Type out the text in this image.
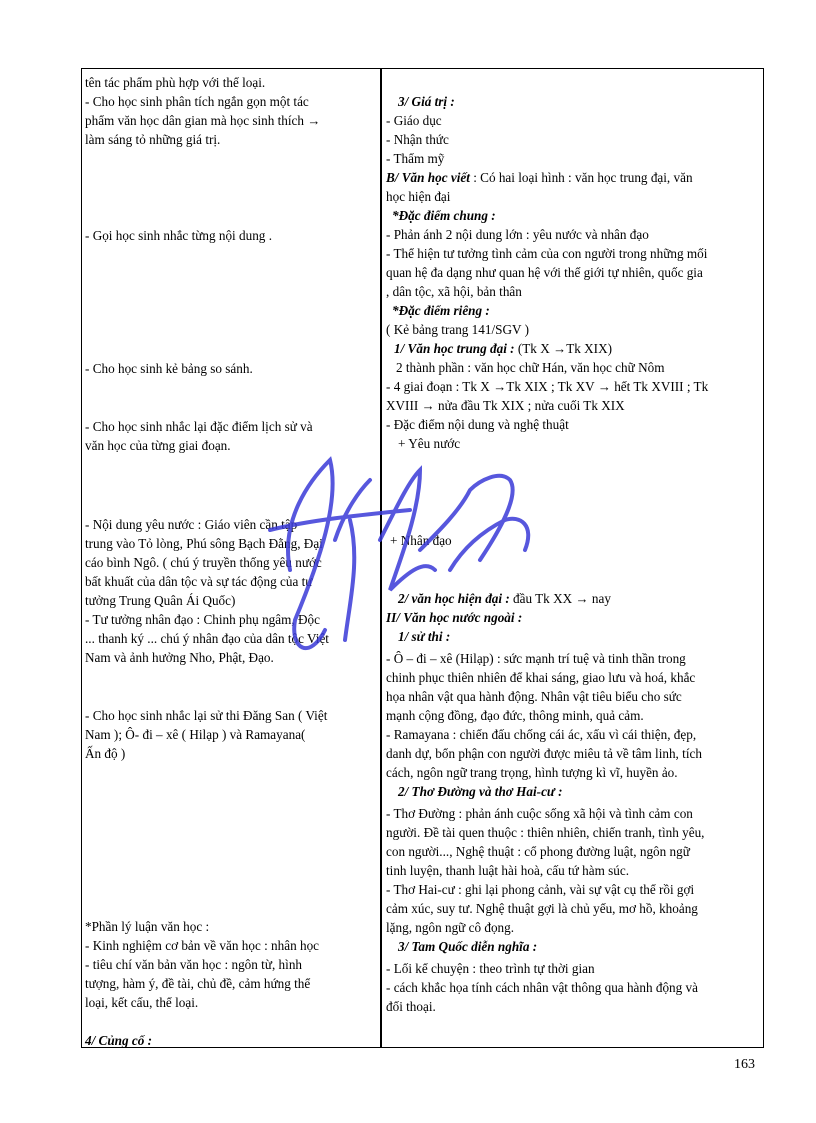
tên tác phẩm phù hợp với thể loại.
- Cho học sinh phân tích ngắn gọn một tác
phẩm văn học dân gian mà học sinh thích →
làm sáng tỏ những giá trị.
- Gọi học sinh nhắc từng nội dung .
- Cho học sinh kẻ bảng so sánh.
- Cho học sinh nhắc lại đặc điểm lịch sử và
văn học của từng giai đoạn.
- Nội dung yêu nước : Giáo viên cần tập
trung vào Tỏ lòng, Phú sông Bạch Đằng, Đại
cáo bình Ngô. ( chú ý truyền thống yêu nước
bất khuất của dân tộc và sự tác động của tư
tưởng Trung Quân Ái Quốc)
- Tư tưởng nhân đạo : Chinh phụ ngâm, Độc
... thanh ký ... chú ý nhân đạo của dân tộc Việt
Nam và ảnh hưởng Nho, Phật, Đạo.
- Cho học sinh nhắc lại sử thi Đăng San ( Việt
Nam ); Ô- đi – xê ( Hilạp ) và Ramayana(
Ấn độ )
*Phần lý luận văn học :
- Kinh nghiệm cơ bản về văn học : nhân học
- tiêu chí văn bản văn học : ngôn từ, hình
tượng, hàm ý, đề tài, chủ đề, cảm hứng thể
loại, kết cấu, thể loại.
4/ Củng cố :
3/ Giá trị :
- Giáo dục
- Nhận thức
- Thẩm mỹ
B/ Văn học viết : Có hai loại hình : văn học trung đại, văn
học hiện đại
*Đặc điểm chung :
- Phản ánh 2 nội dung lớn : yêu nước và nhân đạo
- Thể hiện tư tưởng tình cảm của con người trong những mối
quan hệ đa dạng như quan hệ với thế giới tự nhiên, quốc gia
, dân tộc, xã hội, bản thân
*Đặc điểm riêng :
( Kẻ bảng trang 141/SGV )
1/ Văn học trung đại : (Tk X →Tk XIX)
2 thành phần : văn học chữ Hán, văn học chữ Nôm
- 4 giai đoạn : Tk X →Tk XIX ; Tk XV → hết Tk XVIII ; Tk
XVIII → nửa đầu Tk XIX ; nửa cuối Tk XIX
- Đặc điểm nội dung và nghệ thuật
+ Yêu nước
+ Nhân đạo
2/ văn học hiện đại : đầu Tk XX → nay
II/ Văn học nước ngoài :
1/ sử thi :
- Ô – đi – xê (Hilạp) : sức mạnh trí tuệ và tinh thần trong
chinh phục thiên nhiên để khai sáng, giao lưu và hoá, khắc
họa nhân vật qua hành động. Nhân vật tiêu biểu cho sức
mạnh cộng đồng, đạo đức, thông minh, quả cảm.
- Ramayana : chiến đấu chống cái ác, xấu vì cái thiện, đẹp,
danh dự, bổn phận con người được miêu tả về tâm linh, tích
cách, ngôn ngữ trang trọng, hình tượng kì vĩ, huyền ảo.
2/ Thơ Đường và thơ Hai-cư :
- Thơ Đường : phản ánh cuộc sống xã hội và tình cảm con
người. Đề tài quen thuộc : thiên nhiên, chiến tranh, tình yêu,
con người..., Nghệ thuật : cổ phong đường luật, ngôn ngữ
tinh luyện, thanh luật hài hoà, cấu tứ hàm súc.
- Thơ Hai-cư : ghi lại phong cảnh, vài sự vật cụ thể rồi gợi
cảm xúc, suy tư. Nghệ thuật gợi là chủ yếu, mơ hồ, khoảng
lặng, ngôn ngữ cô đọng.
3/ Tam Quốc diễn nghĩa :
- Lối kể chuyện : theo trình tự thời gian
- cách khắc họa tính cách nhân vật thông qua hành động và
đối thoại.
163
